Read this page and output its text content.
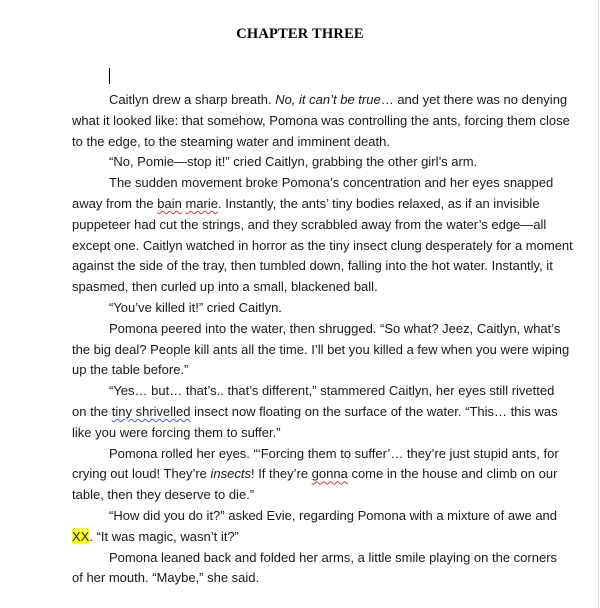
CHAPTER THREE
Caitlyn drew a sharp breath. No, it can’t be true… and yet there was no denying
what it looked like: that somehow, Pomona was controlling the ants, forcing them close
to the edge, to the steaming water and imminent death.
“No, Pomie—stop it!” cried Caitlyn, grabbing the other girl’s arm.
The sudden movement broke Pomona’s concentration and her eyes snapped
away from the bain marie. Instantly, the ants’ tiny bodies relaxed, as if an invisible
puppeteer had cut the strings, and they scrabbled away from the water’s edge—all
except one. Caitlyn watched in horror as the tiny insect clung desperately for a moment
against the side of the tray, then tumbled down, falling into the hot water. Instantly, it
spasmed, then curled up into a small, blackened ball.
“You’ve killed it!” cried Caitlyn.
Pomona peered into the water, then shrugged. “So what? Jeez, Caitlyn, what’s
the big deal? People kill ants all the time. I’ll bet you killed a few when you were wiping
up the table before.”
“Yes… but… that’s.. that’s different,” stammered Caitlyn, her eyes still rivetted
on the tiny shrivelled insect now floating on the surface of the water. “This… this was
like you were forcing them to suffer.”
Pomona rolled her eyes. “‘Forcing them to suffer’… they’re just stupid ants, for
crying out loud! They’re insects! If they’re gonna come in the house and climb on our
table, then they deserve to die.”
“How did you do it?” asked Evie, regarding Pomona with a mixture of awe and
XX. “It was magic, wasn’t it?”
Pomona leaned back and folded her arms, a little smile playing on the corners
of her mouth. “Maybe,” she said.
